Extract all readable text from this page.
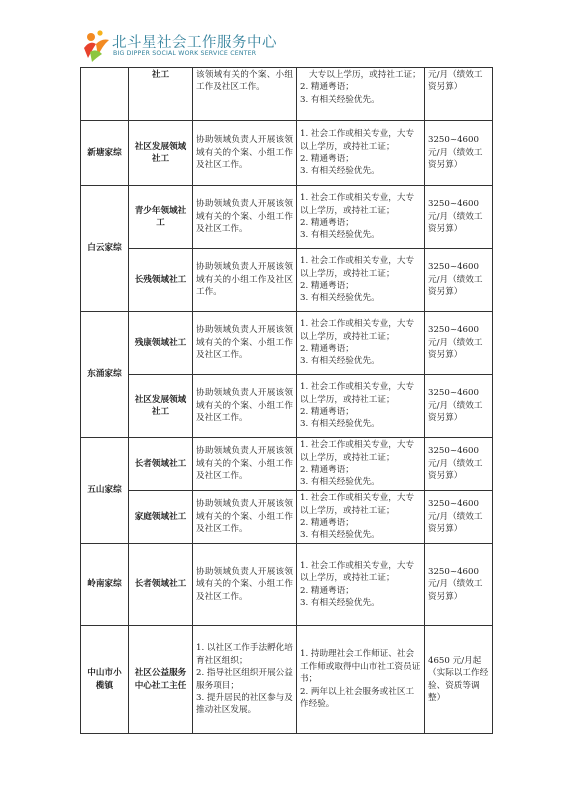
北斗星社会工作服务中心
BIG DIPPER SOCIAL WORK SERVICE CENTER
	社工	该领域有关的个案、小组工作及社区工作。	大专以上学历，或持社工证；
2. 精通粤语；
3. 有相关经验优先。	元/月（绩效工资另算）
新塘家综	社区发展领域社工	协助领域负责人开展该领域有关的个案、小组工作及社区工作。	1. 社会工作或相关专业，大专以上学历，或持社工证；
2. 精通粤语；
3. 有相关经验优先。	3250~4600元/月（绩效工资另算）
白云家综	青少年领域社工	协助领域负责人开展该领域有关的个案、小组工作及社区工作。	1. 社会工作或相关专业，大专以上学历，或持社工证；
2. 精通粤语；
3. 有相关经验优先。	3250~4600元/月（绩效工资另算）
	长残领域社工	协助领域负责人开展该领域有关的小组工作及社区工作。	1. 社会工作或相关专业，大专以上学历，或持社工证；
2. 精通粤语；
3. 有相关经验优先。	3250~4600元/月（绩效工资另算）
东涌家综	残康领域社工	协助领域负责人开展该领域有关的个案、小组工作及社区工作。	1. 社会工作或相关专业，大专以上学历，或持社工证；
2. 精通粤语；
3. 有相关经验优先。	3250~4600元/月（绩效工资另算）
	社区发展领域社工	协助领域负责人开展该领域有关的个案、小组工作及社区工作。	1. 社会工作或相关专业，大专以上学历，或持社工证；
2. 精通粤语；
3. 有相关经验优先。	3250~4600元/月（绩效工资另算）
五山家综	长者领域社工	协助领域负责人开展该领域有关的个案、小组工作及社区工作。	1. 社会工作或相关专业，大专以上学历，或持社工证；
2. 精通粤语；
3. 有相关经验优先。	3250~4600元/月（绩效工资另算）
	家庭领域社工	协助领域负责人开展该领域有关的个案、小组工作及社区工作。	1. 社会工作或相关专业，大专以上学历，或持社工证；
2. 精通粤语；
3. 有相关经验优先。	3250~4600元/月（绩效工资另算）
岭南家综	长者领域社工	协助领域负责人开展该领域有关的个案、小组工作及社区工作。	1. 社会工作或相关专业，大专以上学历，或持社工证；
2. 精通粤语；
3. 有相关经验优先。	3250~4600元/月（绩效工资另算）
中山市小榄镇	社区公益服务中心社工主任	1. 以社区工作手法孵化培育社区组织；
2. 指导社区组织开展公益服务项目；
3. 提升居民的社区参与及推动社区发展。	1. 持助理社会工作师证、社会工作师或取得中山市社工资员证书；
2. 两年以上社会服务或社区工作经验。	4650 元/月起（实际以工作经验、资质等调整）
